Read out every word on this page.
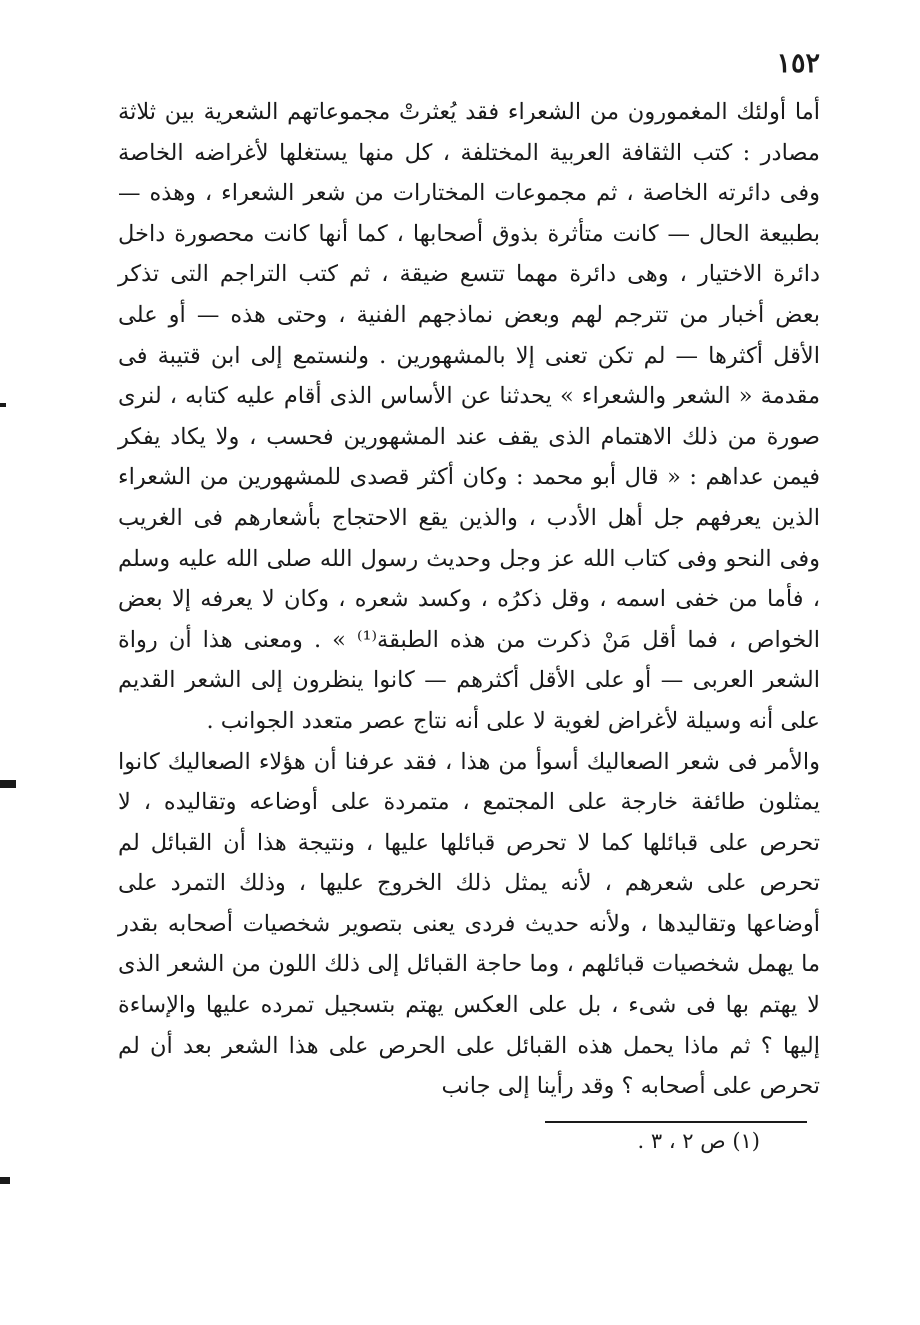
١٥٢

أما أولئك المغمورون من الشعراء فقد يُعثرتْ مجموعاتهم الشعرية بين ثلاثة مصادر : كتب الثقافة العربية المختلفة ، كل منها يستغلها لأغراضه الخاصة وفى دائرته الخاصة ، ثم مجموعات المختارات من شعر الشعراء ، وهذه — بطبيعة الحال — كانت متأثرة بذوق أصحابها ، كما أنها كانت محصورة داخل دائرة الاختيار ، وهى دائرة مهما تتسع ضيقة ، ثم كتب التراجم التى تذكر بعض أخبار من تترجم لهم وبعض نماذجهم الفنية ، وحتى هذه — أو على الأقل أكثرها — لم تكن تعنى إلا بالمشهورين . ولنستمع إلى ابن قتيبة فى مقدمة « الشعر والشعراء » يحدثنا عن الأساس الذى أقام عليه كتابه ، لنرى صورة من ذلك الاهتمام الذى يقف عند المشهورين فحسب ، ولا يكاد يفكر فيمن عداهم : « قال أبو محمد : وكان أكثر قصدى للمشهورين من الشعراء الذين يعرفهم جل أهل الأدب ، والذين يقع الاحتجاج بأشعارهم فى الغريب وفى النحو وفى كتاب الله عز وجل وحديث رسول الله صلى الله عليه وسلم ، فأما من خفى اسمه ، وقل ذكرُه ، وكسد شعره ، وكان لا يعرفه إلا بعض الخواص ، فما أقل مَنْ ذكرت من هذه الطبقة⁽¹⁾ » . ومعنى هذا أن رواة الشعر العربى — أو على الأقل أكثرهم — كانوا ينظرون إلى الشعر القديم على أنه وسيلة لأغراض لغوية لا على أنه نتاج عصر متعدد الجوانب .

والأمر فى شعر الصعاليك أسوأ من هذا ، فقد عرفنا أن هؤلاء الصعاليك كانوا يمثلون طائفة خارجة على المجتمع ، متمردة على أوضاعه وتقاليده ، لا تحرص على قبائلها كما لا تحرص قبائلها عليها ، ونتيجة هذا أن القبائل لم تحرص على شعرهم ، لأنه يمثل ذلك الخروج عليها ، وذلك التمرد على أوضاعها وتقاليدها ، ولأنه حديث فردى يعنى بتصوير شخصيات أصحابه بقدر ما يهمل شخصيات قبائلهم ، وما حاجة القبائل إلى ذلك اللون من الشعر الذى لا يهتم بها فى شىء ، بل على العكس يهتم بتسجيل تمرده عليها والإساءة إليها ؟ ثم ماذا يحمل هذه القبائل على الحرص على هذا الشعر بعد أن لم تحرص على أصحابه ؟ وقد رأينا إلى جانب

(١) ص ٢ ، ٣ .
